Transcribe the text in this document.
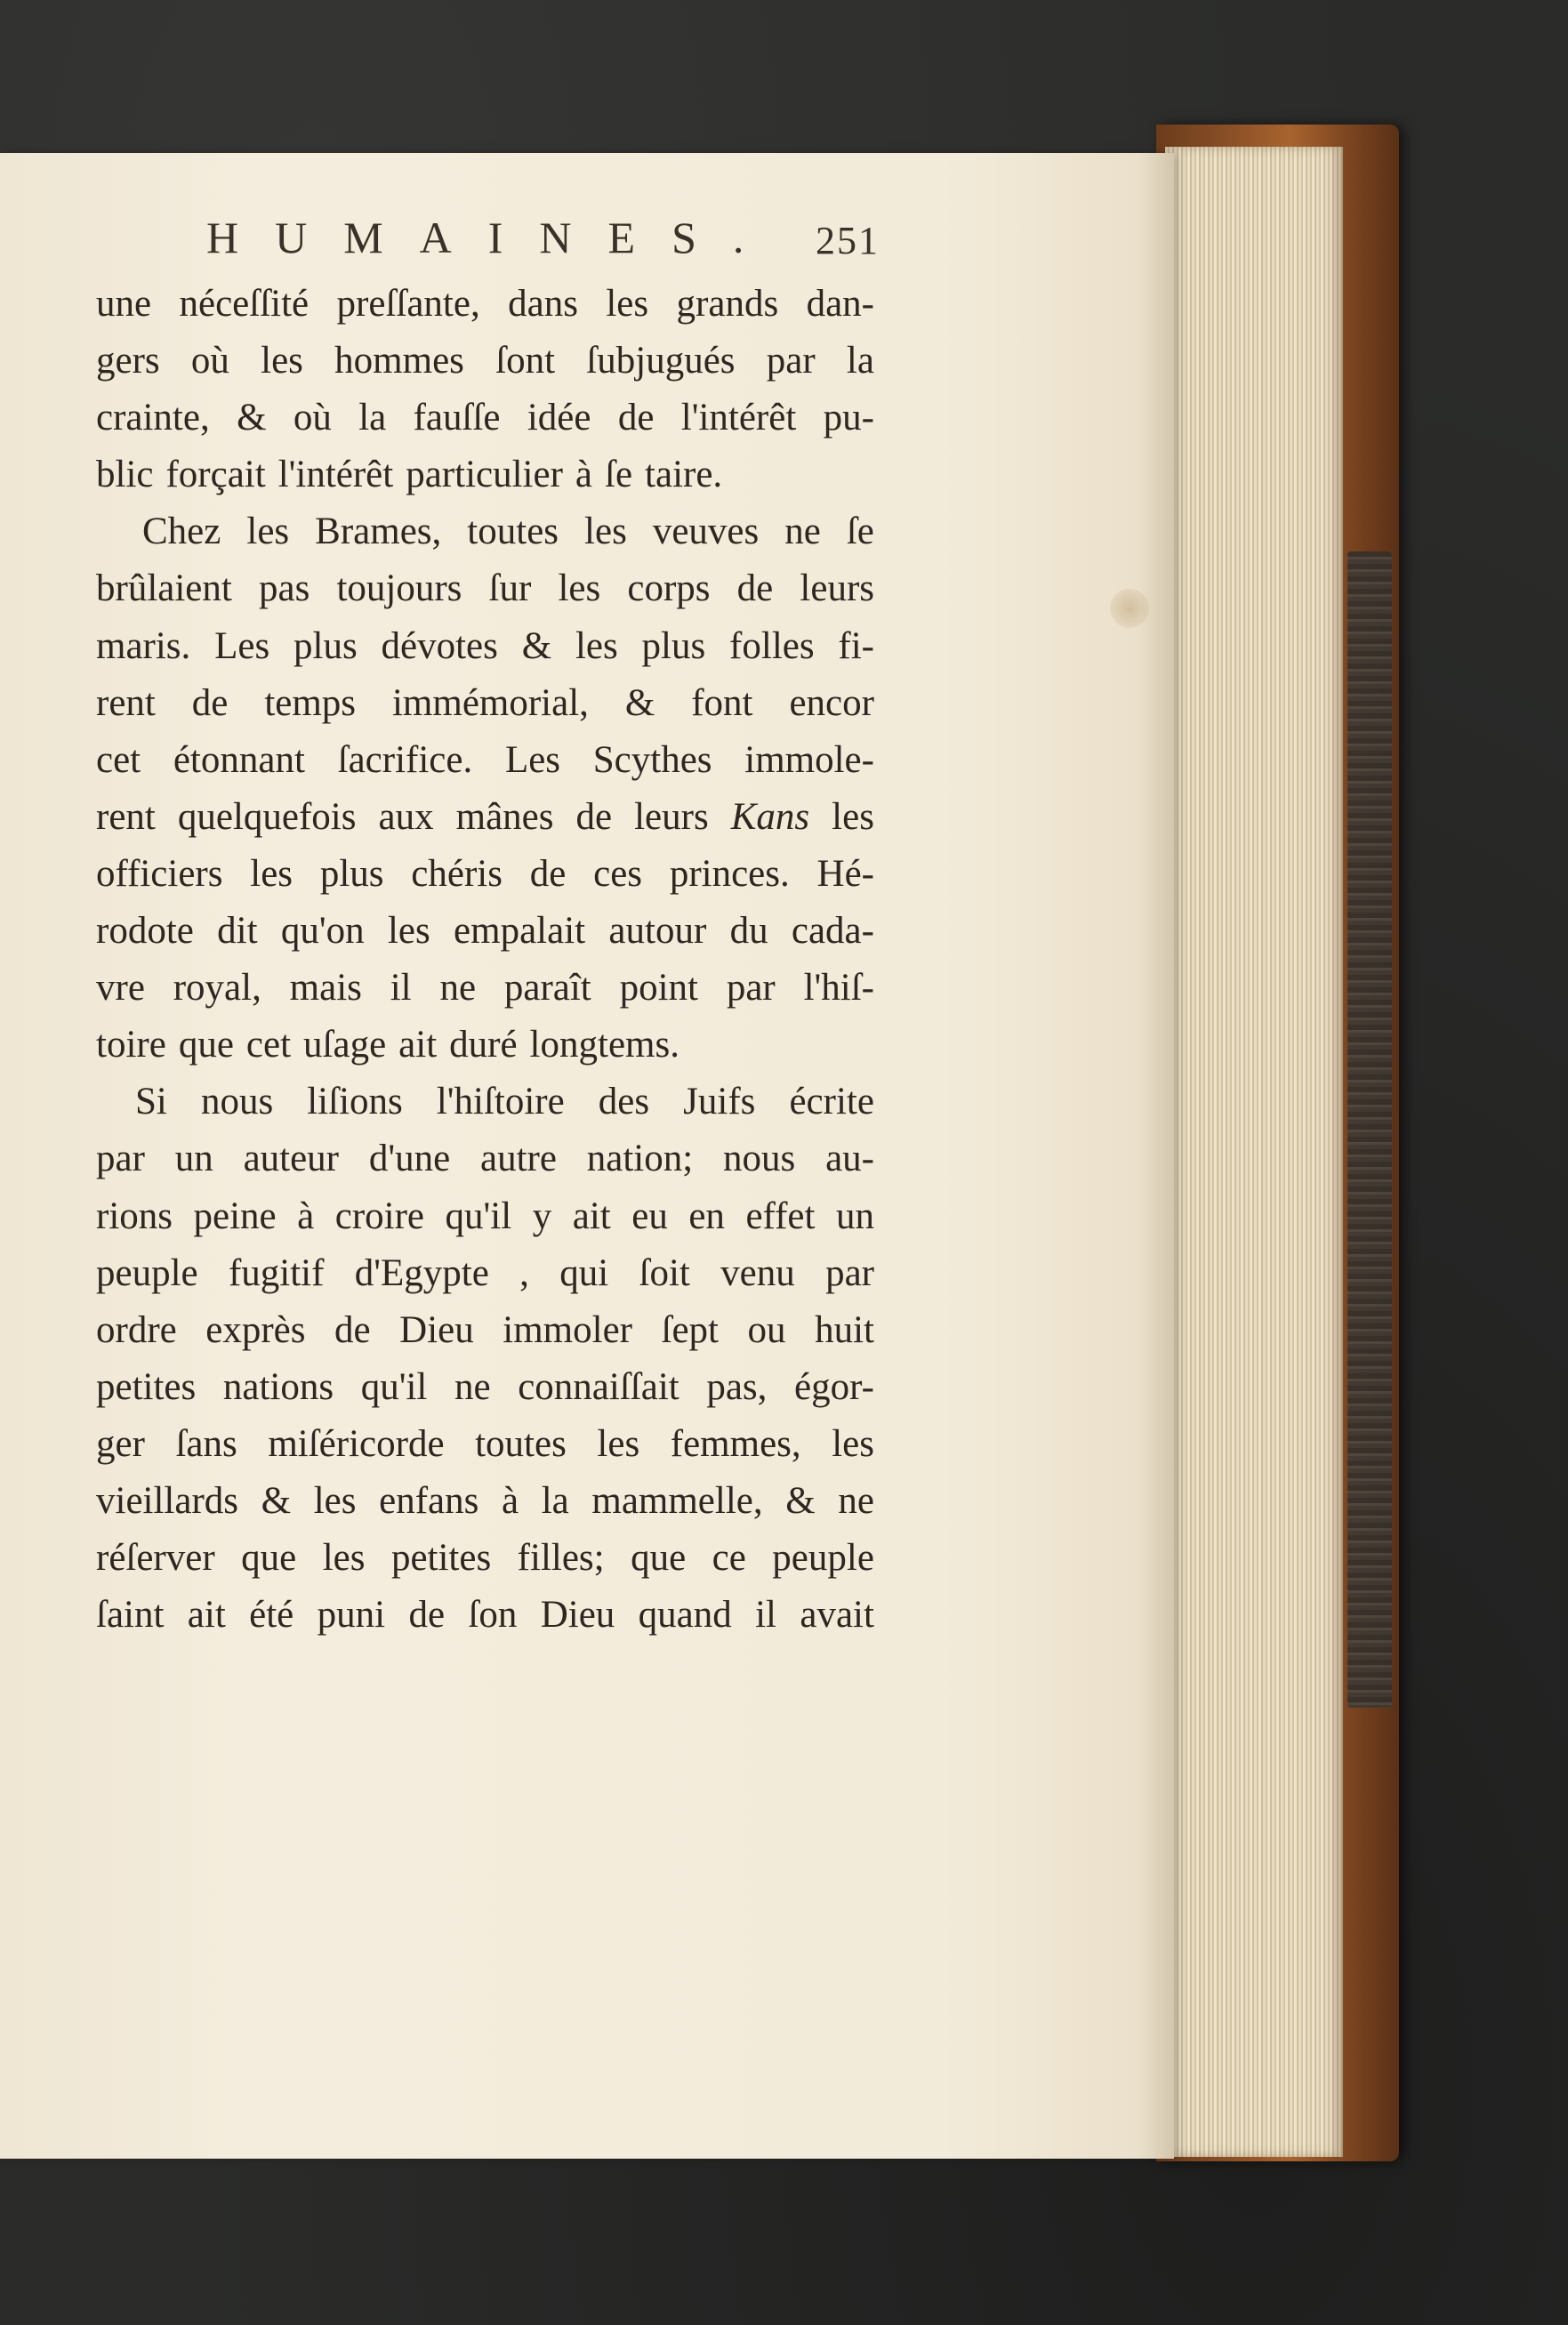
HUMAINES. 251
une néceſſité preſſante, dans les grands dan-
gers où les hommes ſont ſubjugués par la
crainte, & où la fauſſe idée de l'intérêt pu-
blic forçait l'intérêt particulier à ſe taire.
Chez les Brames, toutes les veuves ne ſe
brûlaient pas toujours ſur les corps de leurs
maris. Les plus dévotes & les plus folles fi-
rent de temps immémorial, & font encor
cet étonnant ſacrifice. Les Scythes immole-
rent quelquefois aux mânes de leurs Kans les
officiers les plus chéris de ces princes. Hé-
rodote dit qu'on les empalait autour du cada-
vre royal, mais il ne paraît point par l'hiſ-
toire que cet uſage ait duré longtems.
Si nous liſions l'hiſtoire des Juifs écrite
par un auteur d'une autre nation; nous au-
rions peine à croire qu'il y ait eu en effet un
peuple fugitif d'Egypte , qui ſoit venu par
ordre exprès de Dieu immoler ſept ou huit
petites nations qu'il ne connaiſſait pas, égor-
ger ſans miſéricorde toutes les femmes, les
vieillards & les enfans à la mammelle, & ne
réſerver que les petites filles; que ce peuple
ſaint ait été puni de ſon Dieu quand il avait
